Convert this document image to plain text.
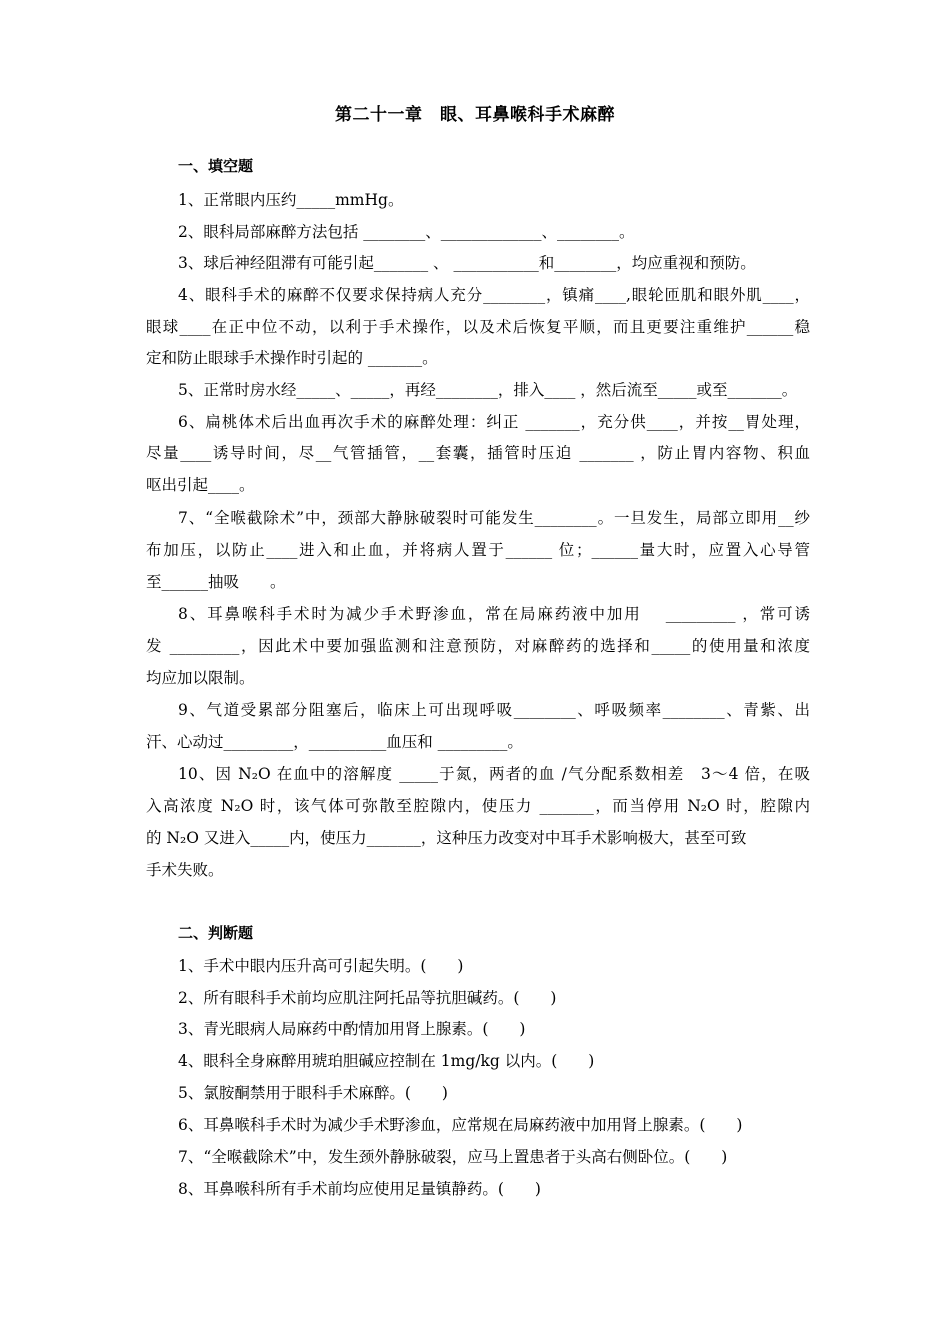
第二十一章　眼、耳鼻喉科手术麻醉
一、填空题
1、正常眼内压约_____mmHg。
2、眼科局部麻醉方法包括 ________、_____________、________。
3、球后神经阻滞有可能引起_______ 、 ___________和________，均应重视和预防。
4、眼科手术的麻醉不仅要求保持病人充分________，镇痛____,眼轮匝肌和眼外肌____，
眼球____在正中位不动，以利于手术操作，以及术后恢复平顺，而且更要注重维护______稳
定和防止眼球手术操作时引起的 _______。
5、正常时房水经_____、_____，再经________，排入____ ，然后流至_____或至_______。
6、扁桃体术后出血再次手术的麻醉处理：纠正 _______，充分供____，并按__胃处理，
尽量____诱导时间，尽__气管插管，__套囊，插管时压迫 _______ ，防止胃内容物、积血
呕出引起____。
7、“全喉截除术”中，颈部大静脉破裂时可能发生________。一旦发生，局部立即用__纱
布加压，以防止____进入和止血，并将病人置于______ 位；______量大时，应置入心导管
至______抽吸　　。
8、耳鼻喉科手术时为减少手术野渗血，常在局麻药液中加用　 _________ ，常可诱
发 _________，因此术中要加强监测和注意预防，对麻醉药的选择和_____的使用量和浓度
均应加以限制。
9、气道受累部分阻塞后，临床上可出现呼吸________、呼吸频率________、青紫、出
汗、心动过_________，__________血压和 _________。
10、因 N₂O 在血中的溶解度 _____于氮，两者的血 /气分配系数相差　3～4 倍，在吸
入高浓度 N₂O 时，该气体可弥散至腔隙内，使压力 _______，而当停用 N₂O 时，腔隙内
的 N₂O 又进入_____内，使压力_______，这种压力改变对中耳手术影响极大，甚至可致
手术失败。
二、判断题
1、手术中眼内压升高可引起失明。(　　)
2、所有眼科手术前均应肌注阿托品等抗胆碱药。(　　)
3、青光眼病人局麻药中酌情加用肾上腺素。(　　)
4、眼科全身麻醉用琥珀胆碱应控制在 1mg/kg 以内。(　　)
5、氯胺酮禁用于眼科手术麻醉。(　　)
6、耳鼻喉科手术时为减少手术野渗血，应常规在局麻药液中加用肾上腺素。(　　)
7、“全喉截除术”中，发生颈外静脉破裂，应马上置患者于头高右侧卧位。(　　)
8、耳鼻喉科所有手术前均应使用足量镇静药。(　　)
